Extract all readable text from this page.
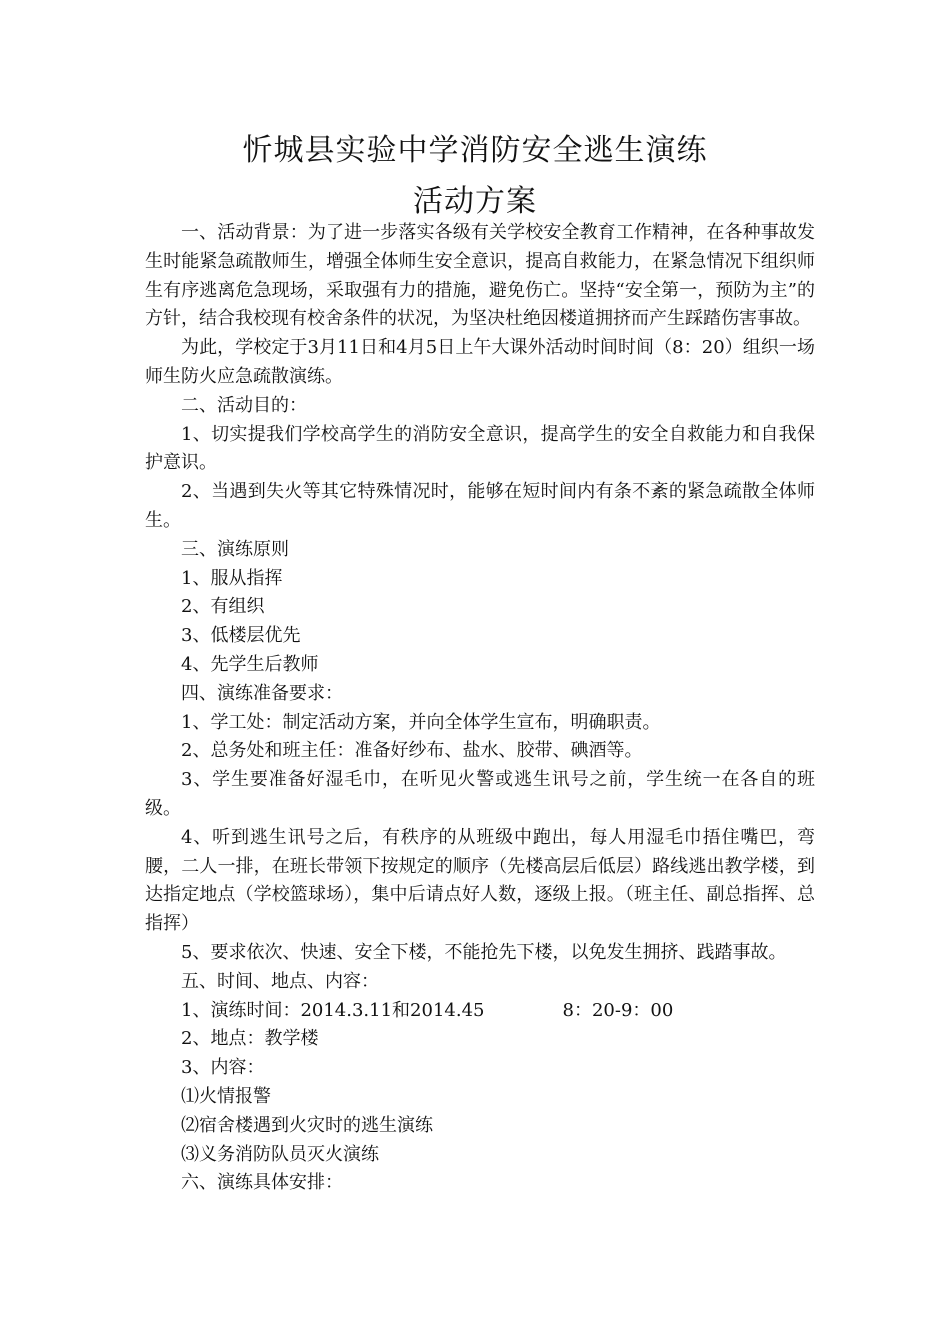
忻城县实验中学消防安全逃生演练
活动方案

一、活动背景：为了进一步落实各级有关学校安全教育工作精神，在各种事故发生时能紧急疏散师生，增强全体师生安全意识，提高自救能力，在紧急情况下组织师生有序逃离危急现场，采取强有力的措施，避免伤亡。坚持“安全第一，预防为主”的方针，结合我校现有校舍条件的状况，为坚决杜绝因楼道拥挤而产生踩踏伤害事故。

为此，学校定于3月11日和4月5日上午大课外活动时间时间（8：20）组织一场师生防火应急疏散演练。

二、活动目的：

1、切实提我们学校高学生的消防安全意识，提高学生的安全自救能力和自我保护意识。

2、当遇到失火等其它特殊情况时，能够在短时间内有条不紊的紧急疏散全体师生。

三、演练原则

1、服从指挥

2、有组织

3、低楼层优先

4、先学生后教师

四、演练准备要求：

1、学工处：制定活动方案，并向全体学生宣布，明确职责。

2、总务处和班主任：准备好纱布、盐水、胶带、碘酒等。

3、学生要准备好湿毛巾，在听见火警或逃生讯号之前，学生统一在各自的班级。

4、听到逃生讯号之后，有秩序的从班级中跑出，每人用湿毛巾捂住嘴巴，弯腰，二人一排，在班长带领下按规定的顺序（先楼高层后低层）路线逃出教学楼，到达指定地点（学校篮球场），集中后请点好人数，逐级上报。（班主任、副总指挥、总指挥）

5、要求依次、快速、安全下楼，不能抢先下楼，以免发生拥挤、践踏事故。

五、时间、地点、内容：

1、演练时间：2014.3.11和2014.45	8：20-9：00

2、地点：教学楼

3、内容：

⑴火情报警

⑵宿舍楼遇到火灾时的逃生演练

⑶义务消防队员灭火演练

六、演练具体安排：
